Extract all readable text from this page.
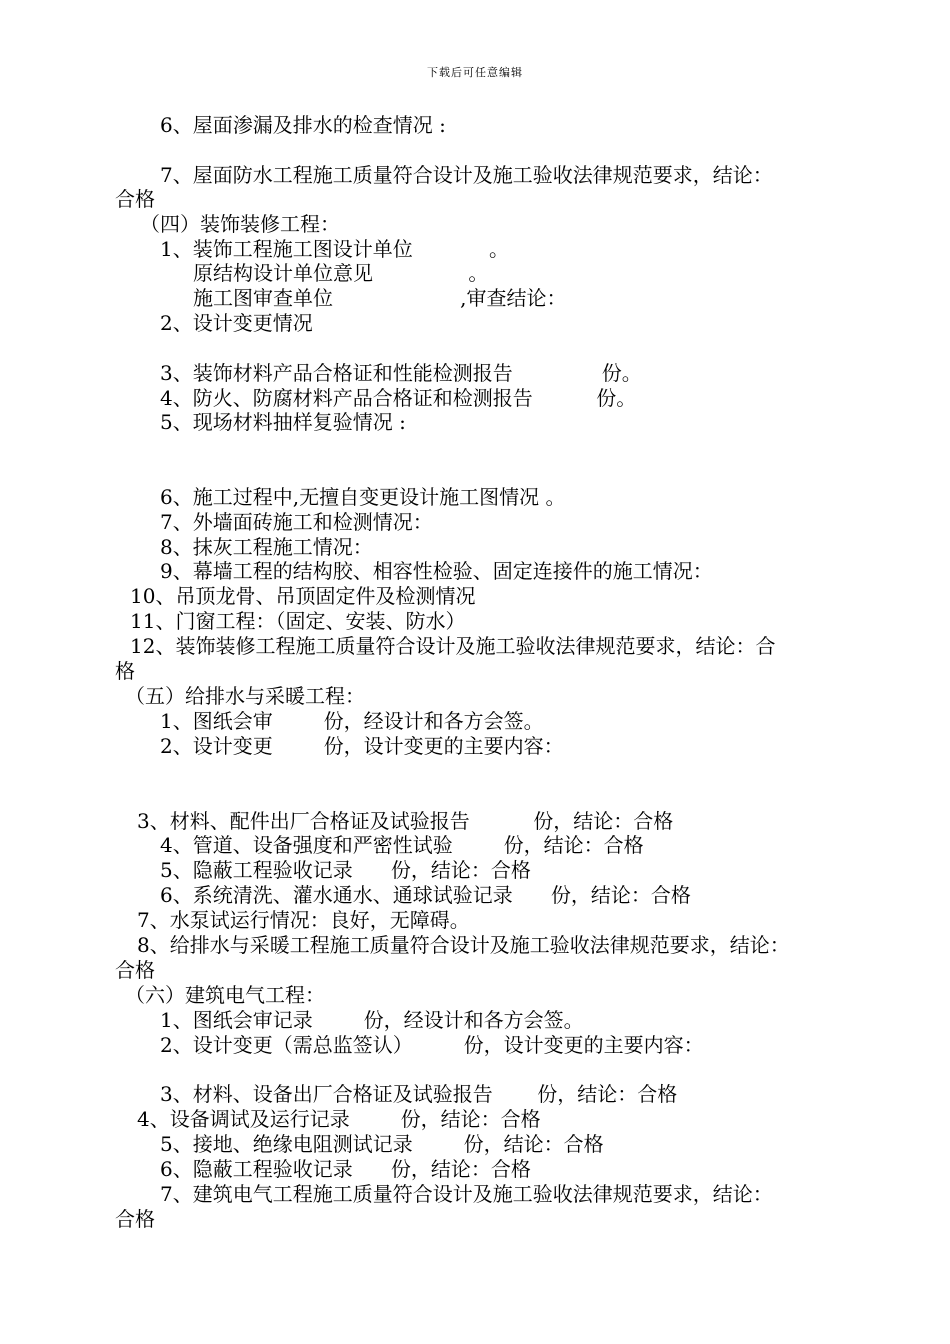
下载后可任意编辑

6、屋面渗漏及排水的检查情况 :

7、屋面防水工程施工质量符合设计及施工验收法律规范要求，结论：

合格

（四）装饰装修工程：

1、装饰工程施工图设计单位            。

原结构设计单位意见               。

施工图审查单位                    ,审查结论：

2、设计变更情况

3、装饰材料产品合格证和性能检测报告              份。

4、防火、防腐材料产品合格证和检测报告          份。

5、现场材料抽样复验情况 :

6、施工过程中,无擅自变更设计施工图情况 。

7、外墙面砖施工和检测情况：

8、抹灰工程施工情况：

9、幕墙工程的结构胶、相容性检验、固定连接件的施工情况：

10、吊顶龙骨、吊顶固定件及检测情况

11、门窗工程：（固定、安装、防水）

12、装饰装修工程施工质量符合设计及施工验收法律规范要求，结论：合

格

（五）给排水与采暖工程：

1、图纸会审        份，经设计和各方会签。

2、设计变更        份，设计变更的主要内容：

3、材料、配件出厂合格证及试验报告          份，结论：合格

4、管道、设备强度和严密性试验        份，结论：合格

5、隐蔽工程验收记录      份，结论：合格

6、系统清洗、灌水通水、通球试验记录      份，结论：合格

7、水泵试运行情况：良好，无障碍。

8、给排水与采暖工程施工质量符合设计及施工验收法律规范要求，结论：

合格

（六）建筑电气工程：

1、图纸会审记录        份，经设计和各方会签。

2、设计变更（需总监签认）        份，设计变更的主要内容：

3、材料、设备出厂合格证及试验报告       份，结论：合格

4、设备调试及运行记录        份，结论：合格

5、接地、绝缘电阻测试记录        份，结论：合格

6、隐蔽工程验收记录      份，结论：合格

7、建筑电气工程施工质量符合设计及施工验收法律规范要求，结论：

合格
